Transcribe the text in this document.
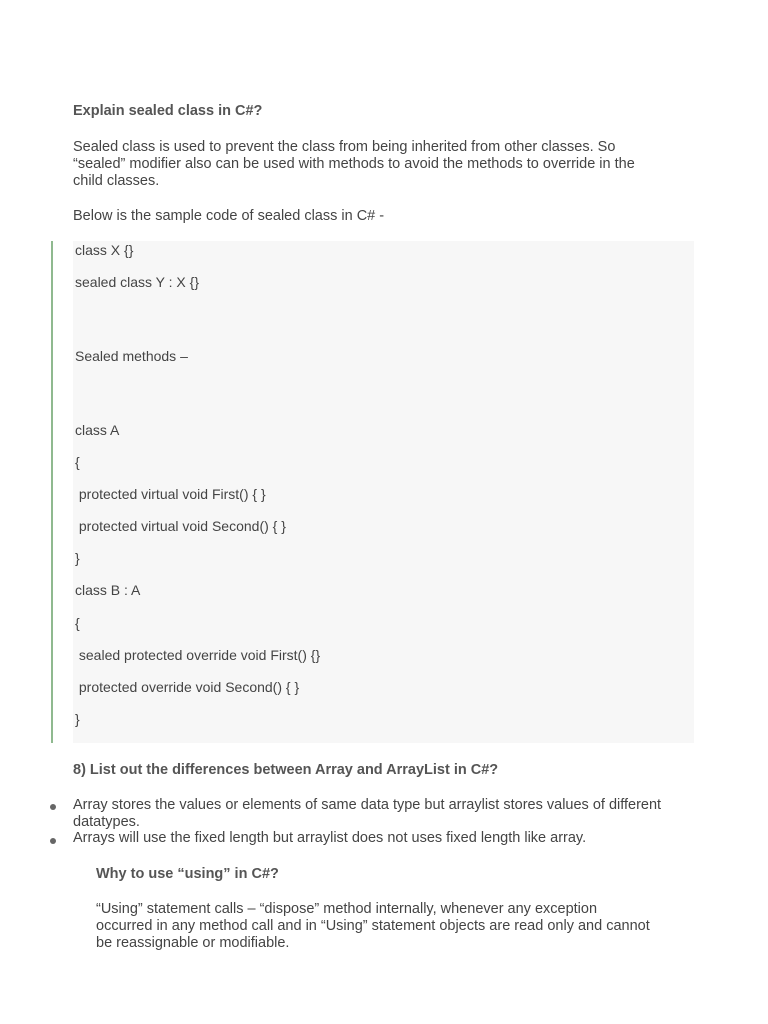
Explain sealed class in C#?
Sealed class is used to prevent the class from being inherited from other classes. So
“sealed” modifier also can be used with methods to avoid the methods to override in the
child classes.
Below is the sample code of sealed class in C# -
class X {}
sealed class Y : X {}
Sealed methods –
class A
{
protected virtual void First() { }
protected virtual void Second() { }
}
class B : A
{
sealed protected override void First() {}
protected override void Second() { }
}
8) List out the differences between Array and ArrayList in C#?
Array stores the values or elements of same data type but arraylist stores values of different datatypes.
Arrays will use the fixed length but arraylist does not uses fixed length like array.
Why to use “using” in C#?
“Using” statement calls – “dispose” method internally, whenever any exception
occurred in any method call and in “Using” statement objects are read only and cannot
be reassignable or modifiable.
